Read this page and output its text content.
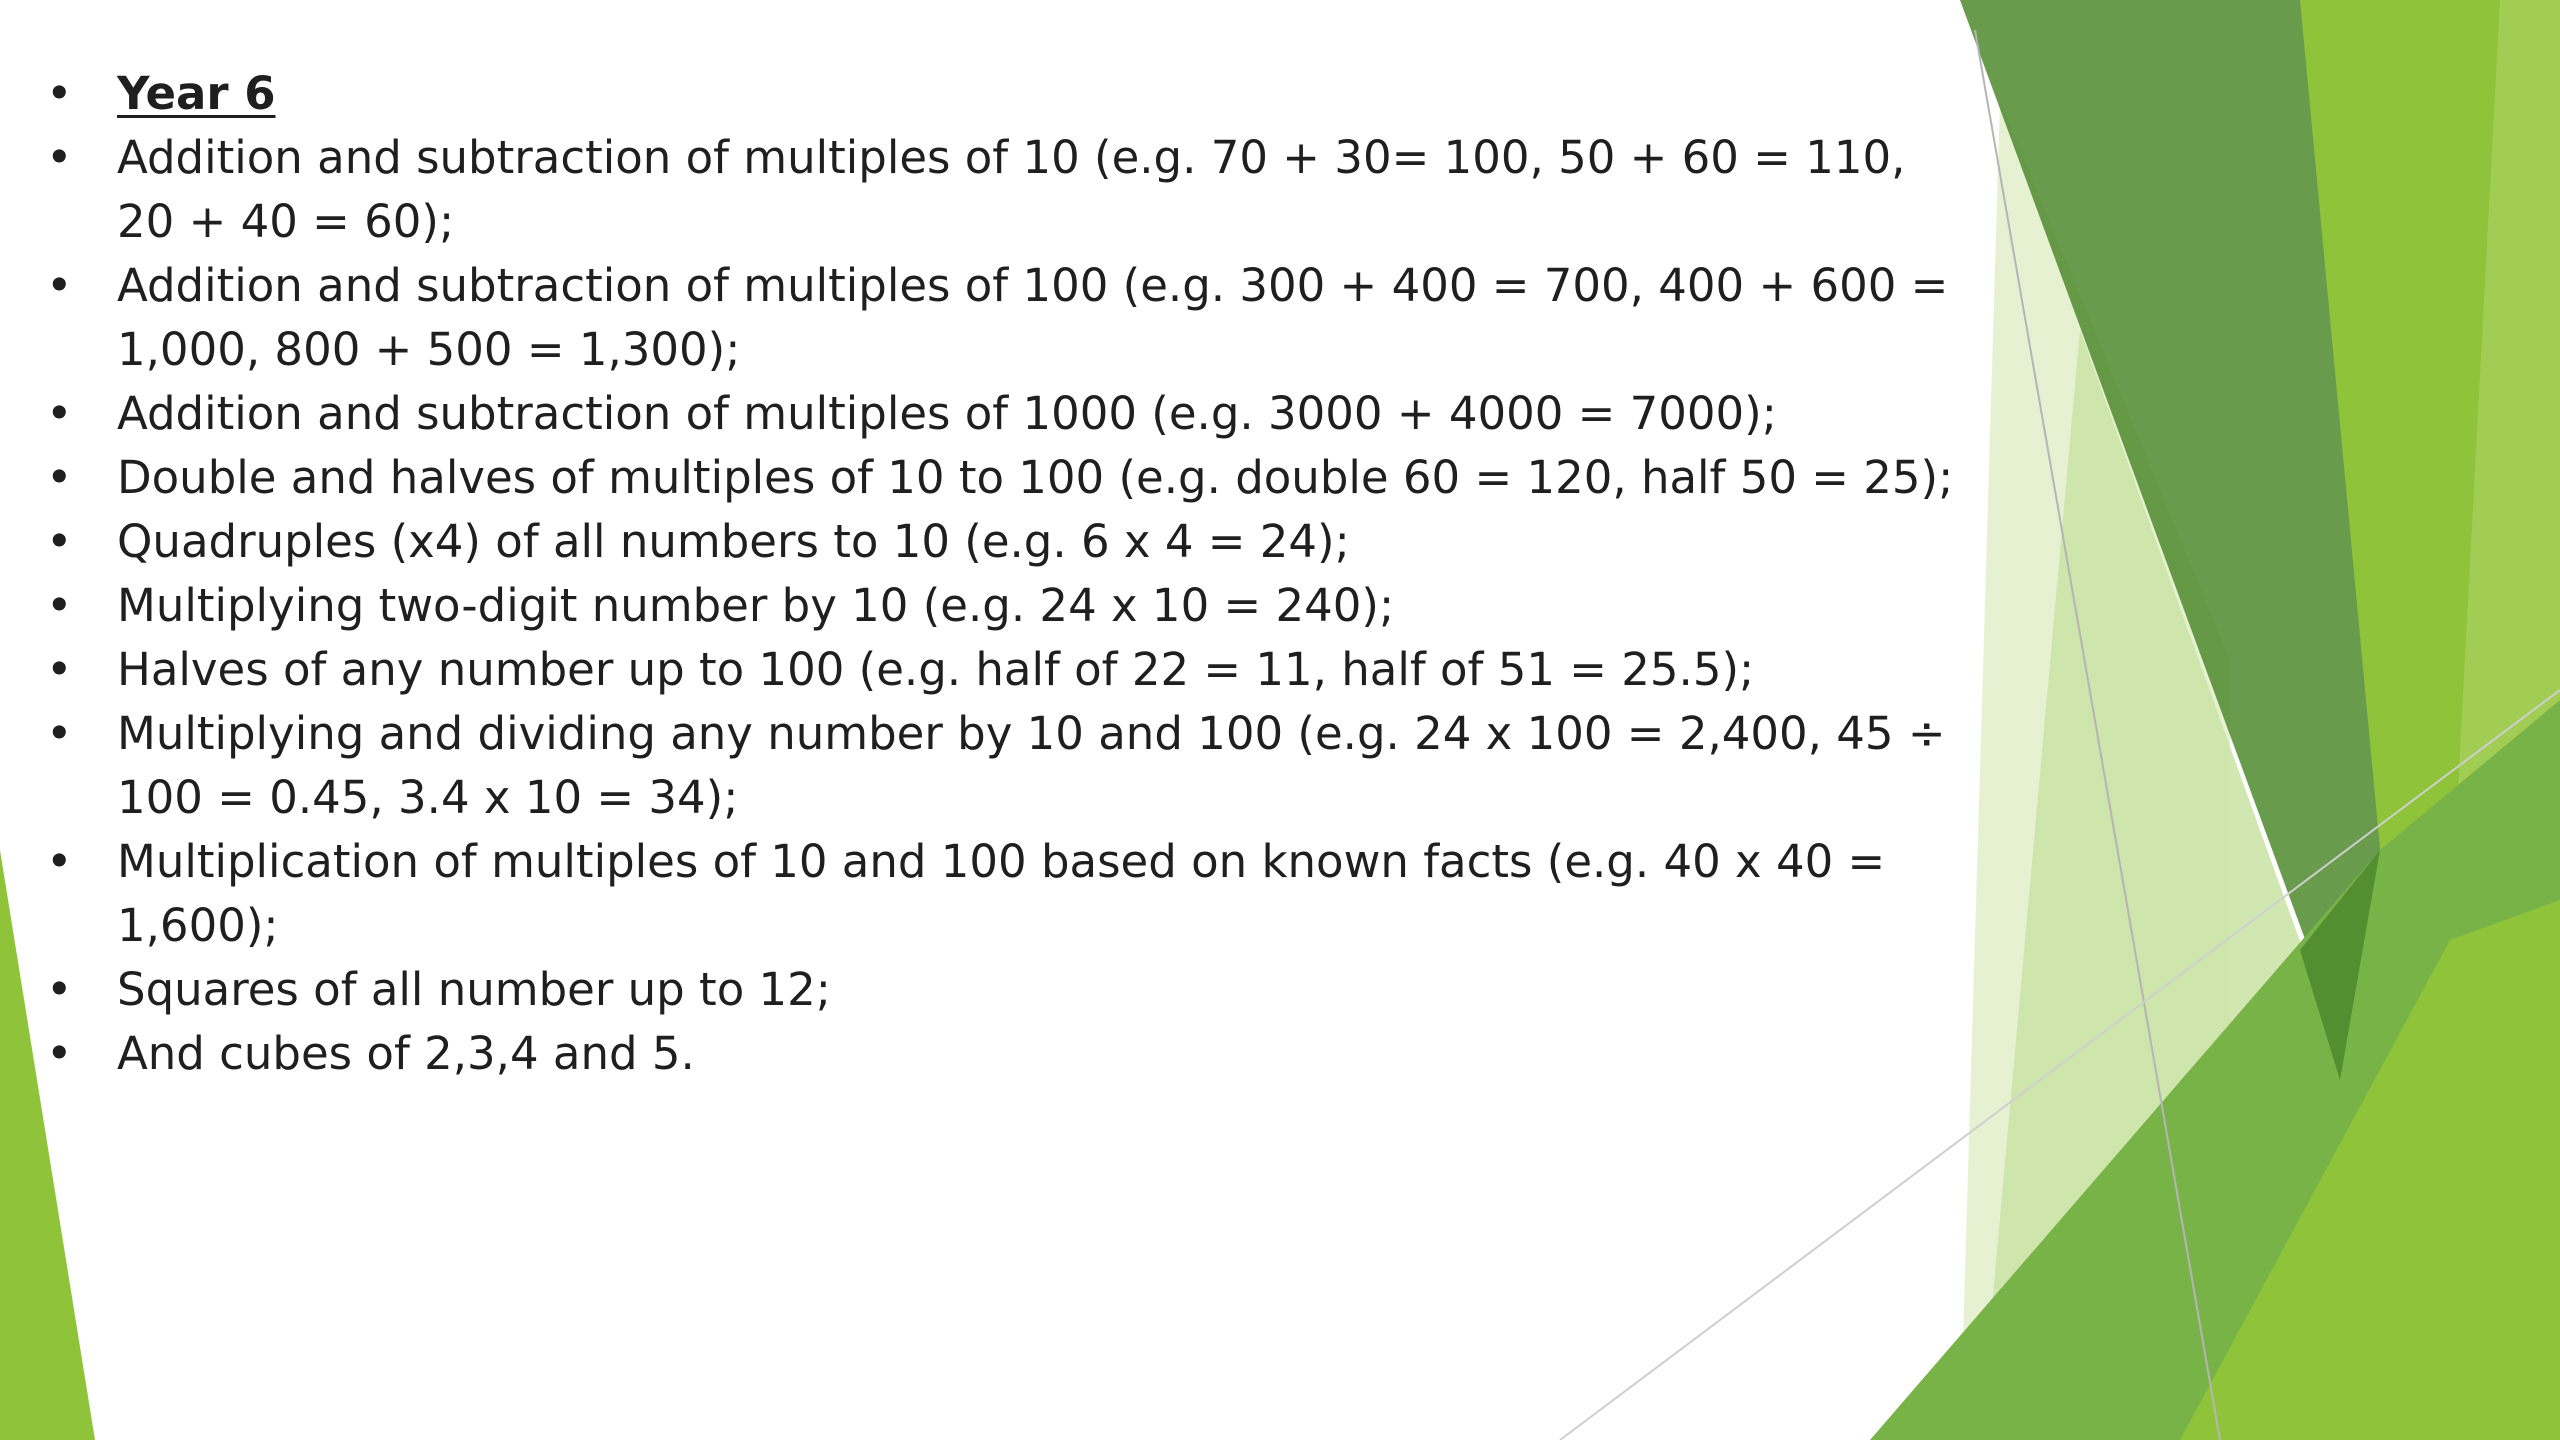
• Year 6
• Addition and subtraction of multiples of 10 (e.g. 70 + 30= 100, 50 + 60 = 110, 20 + 40 = 60);
• Addition and subtraction of multiples of 100 (e.g. 300 + 400 = 700, 400 + 600 = 1,000, 800 + 500 = 1,300);
• Addition and subtraction of multiples of 1000 (e.g. 3000 + 4000 = 7000);
• Double and halves of multiples of 10 to 100 (e.g. double 60 = 120, half 50 = 25);
• Quadruples (x4) of all numbers to 10 (e.g. 6 x 4 = 24);
• Multiplying two-digit number by 10 (e.g. 24 x 10 = 240);
• Halves of any number up to 100 (e.g. half of 22 = 11, half of 51 = 25.5);
• Multiplying and dividing any number by 10 and 100 (e.g. 24 x 100 = 2,400, 45 ÷ 100 = 0.45, 3.4 x 10 = 34);
• Multiplication of multiples of 10 and 100 based on known facts (e.g. 40 x 40 = 1,600);
• Squares of all number up to 12;
• And cubes of 2,3,4 and 5.
